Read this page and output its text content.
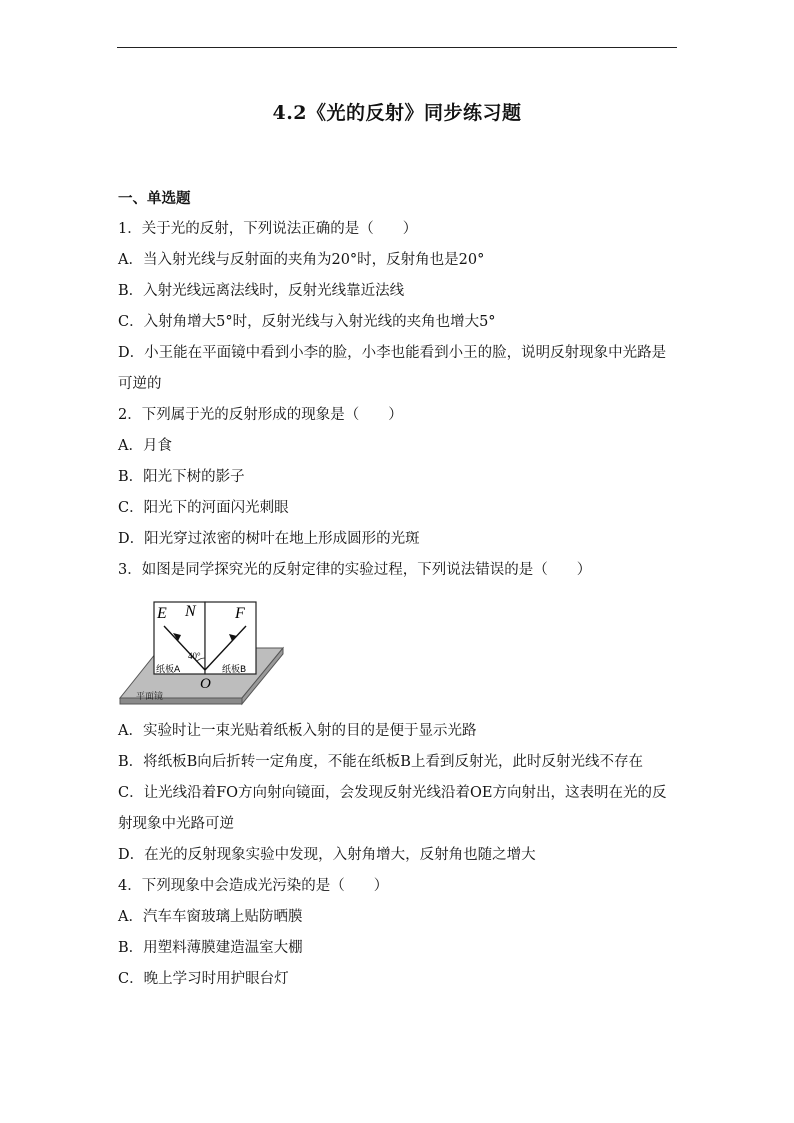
4.2《光的反射》同步练习题
一、单选题
1．关于光的反射，下列说法正确的是（　　）
A．当入射光线与反射面的夹角为20°时，反射角也是20°
B．入射光线远离法线时，反射光线靠近法线
C．入射角增大5°时，反射光线与入射光线的夹角也增大5°
D．小王能在平面镜中看到小李的脸，小李也能看到小王的脸，说明反射现象中光路是可逆的
2．下列属于光的反射形成的现象是（　　）
A．月食
B．阳光下树的影子
C．阳光下的河面闪光刺眼
D．阳光穿过浓密的树叶在地上形成圆形的光斑
3．如图是同学探究光的反射定律的实验过程，下列说法错误的是（　　）
E N F
40°
纸板A	纸板B
O
平面镜
A．实验时让一束光贴着纸板入射的目的是便于显示光路
B．将纸板B向后折转一定角度，不能在纸板B上看到反射光，此时反射光线不存在
C．让光线沿着FO方向射向镜面，会发现反射光线沿着OE方向射出，这表明在光的反射现象中光路可逆
D．在光的反射现象实验中发现，入射角增大，反射角也随之增大
4．下列现象中会造成光污染的是（　　）
A．汽车车窗玻璃上贴防晒膜
B．用塑料薄膜建造温室大棚
C．晚上学习时用护眼台灯
